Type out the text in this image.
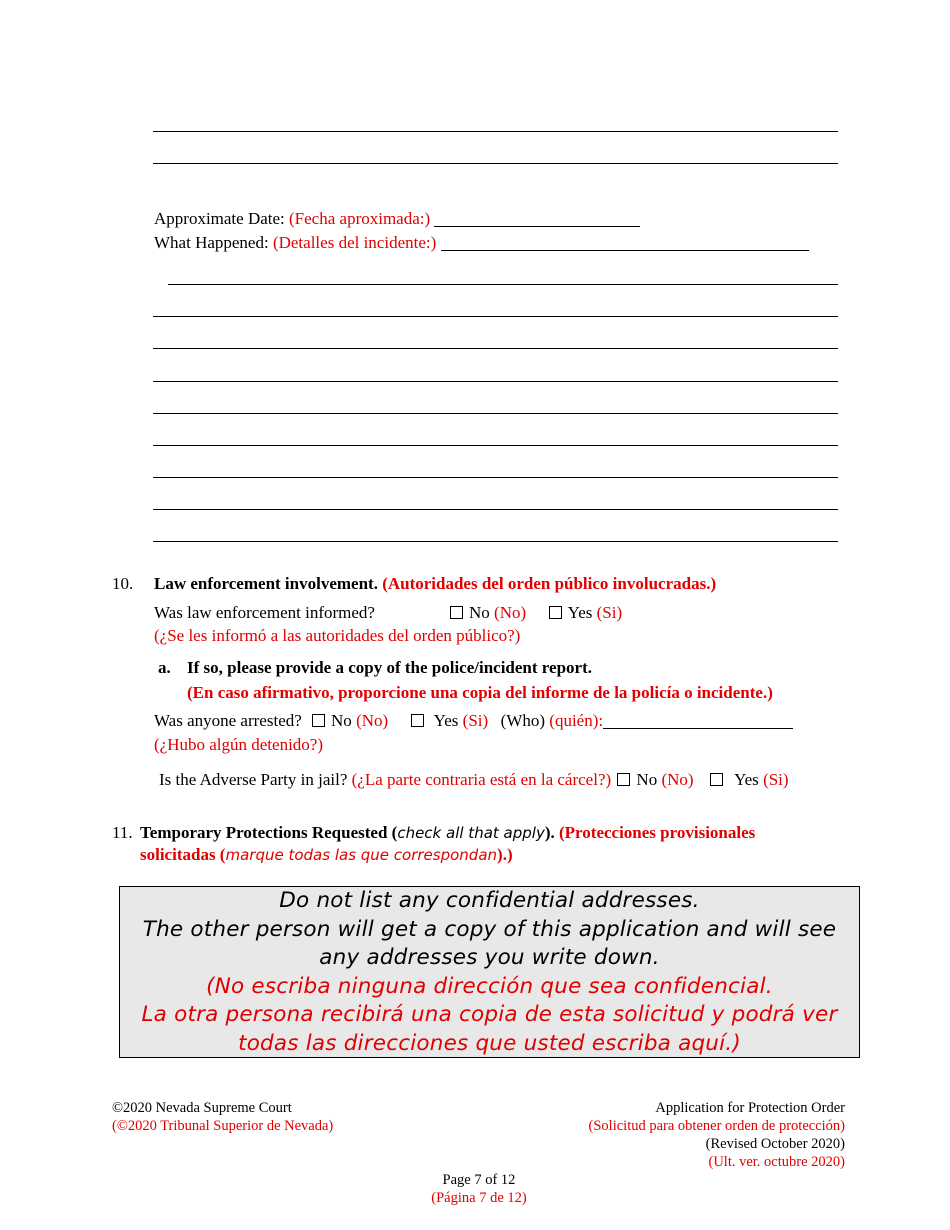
Approximate Date: (Fecha aproximada:)
What Happened: (Detalles del incidente:)
10. Law enforcement involvement. (Autoridades del orden público involucradas.)
Was law enforcement informed?	No (No) Yes (Si)
(¿Se les informó a las autoridades del orden público?)
a. If so, please provide a copy of the police/incident report.
(En caso afirmativo, proporcione una copia del informe de la policía o incidente.)
Was anyone arrested? No (No)	Yes (Si) (Who) (quién):
(¿Hubo algún detenido?)
Is the Adverse Party in jail? (¿La parte contraria está en la cárcel?) No (No) Yes (Si)
11. Temporary Protections Requested (check all that apply). (Protecciones provisionales
solicitadas (marque todas las que correspondan).)
Do not list any confidential addresses.
The other person will get a copy of this application and will see any addresses you write down.
(No escriba ninguna dirección que sea confidencial.
La otra persona recibirá una copia de esta solicitud y podrá ver todas las direcciones que usted escriba aquí.)
©2020 Nevada Supreme Court
(©2020 Tribunal Superior de Nevada)
Application for Protection Order
(Solicitud para obtener orden de protección)
(Revised October 2020)
(Ult. ver. octubre 2020)
Page 7 of 12
(Página 7 de 12)
